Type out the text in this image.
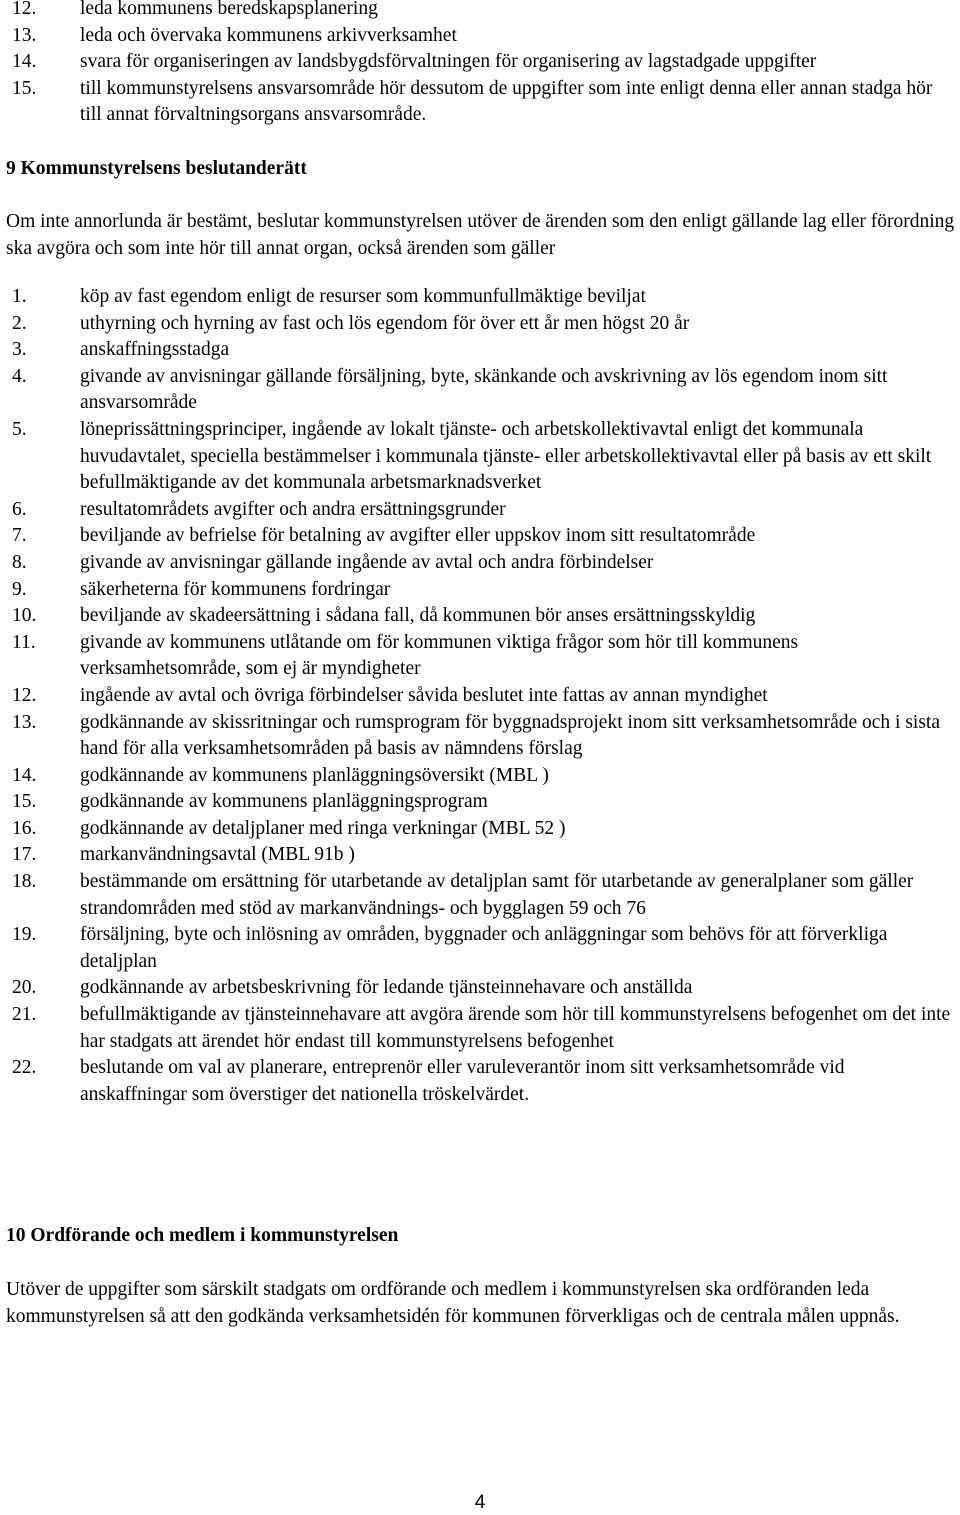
12. leda kommunens beredskapsplanering
13. leda och övervaka kommunens arkivverksamhet
14. svara för organiseringen av landsbygdsförvaltningen för organisering av lagstadgade uppgifter
15. till kommunstyrelsens ansvarsområde hör dessutom de uppgifter som inte enligt denna eller annan stadga hör till annat förvaltningsorgans ansvarsområde.
9 Kommunstyrelsens beslutanderätt

Om inte annorlunda är bestämt, beslutar kommunstyrelsen utöver de ärenden som den enligt gällande lag eller förordning ska avgöra och som inte hör till annat organ, också ärenden som gäller

1.	köp av fast egendom enligt de resurser som kommunfullmäktige beviljat
2.	uthyrning och hyrning av fast och lös egendom för över ett år men högst 20 år
3.	anskaffningsstadga
4.	givande av anvisningar gällande försäljning, byte, skänkande och avskrivning av lös egendom inom sitt ansvarsområde
5.	löneprissättningsprinciper, ingående av lokalt tjänste- och arbetskollektivavtal enligt det kommunala huvudavtalet, speciella bestämmelser i kommunala tjänste- eller arbetskollektivavtal eller på basis av ett skilt befullmäktigande av det kommunala arbetsmarknadsverket
6.	resultatområdets avgifter och andra ersättningsgrunder
7.	beviljande av befrielse för betalning av avgifter eller uppskov inom sitt resultatområde
8.	givande av anvisningar gällande ingående av avtal och andra förbindelser
9.	säkerheterna för kommunens fordringar
10. beviljande av skadeersättning i sådana fall, då kommunen bör anses ersättningsskyldig
11. givande av kommunens utlåtande om för kommunen viktiga frågor som hör till kommunens verksamhetsområde, som ej är myndigheter
12. ingående av avtal och övriga förbindelser såvida beslutet inte fattas av annan myndighet
13. godkännande av skissritningar och rumsprogram för byggnadsprojekt inom sitt verksamhetsområde och i sista hand för alla verksamhetsområden på basis av nämndens förslag
14. godkännande av kommunens planläggningsöversikt (MBL )
15. godkännande av kommunens planläggningsprogram
16. godkännande av detaljplaner med ringa verkningar (MBL 52 )
17. markanvändningsavtal (MBL 91b )
18. bestämmande om ersättning för utarbetande av detaljplan samt för utarbetande av generalplaner som gäller strandområden med stöd av markanvändnings- och bygglagen 59 och 76
19. försäljning, byte och inlösning av områden, byggnader och anläggningar som behövs för att förverkliga detaljplan
20. godkännande av arbetsbeskrivning för ledande tjänsteinnehavare och anställda
21. befullmäktigande av tjänsteinnehavare att avgöra ärende som hör till kommunstyrelsens befogenhet om det inte har stadgats att ärendet hör endast till kommunstyrelsens befogenhet
22. beslutande om val av planerare, entreprenör eller varuleverantör inom sitt verksamhetsområde vid anskaffningar som överstiger det nationella tröskelvärdet.
10 Ordförande och medlem i kommunstyrelsen

Utöver de uppgifter som särskilt stadgats om ordförande och medlem i kommunstyrelsen ska ordföranden leda kommunstyrelsen så att den godkända verksamhetsidén för kommunen förverkligas och de centrala målen uppnås.

4
